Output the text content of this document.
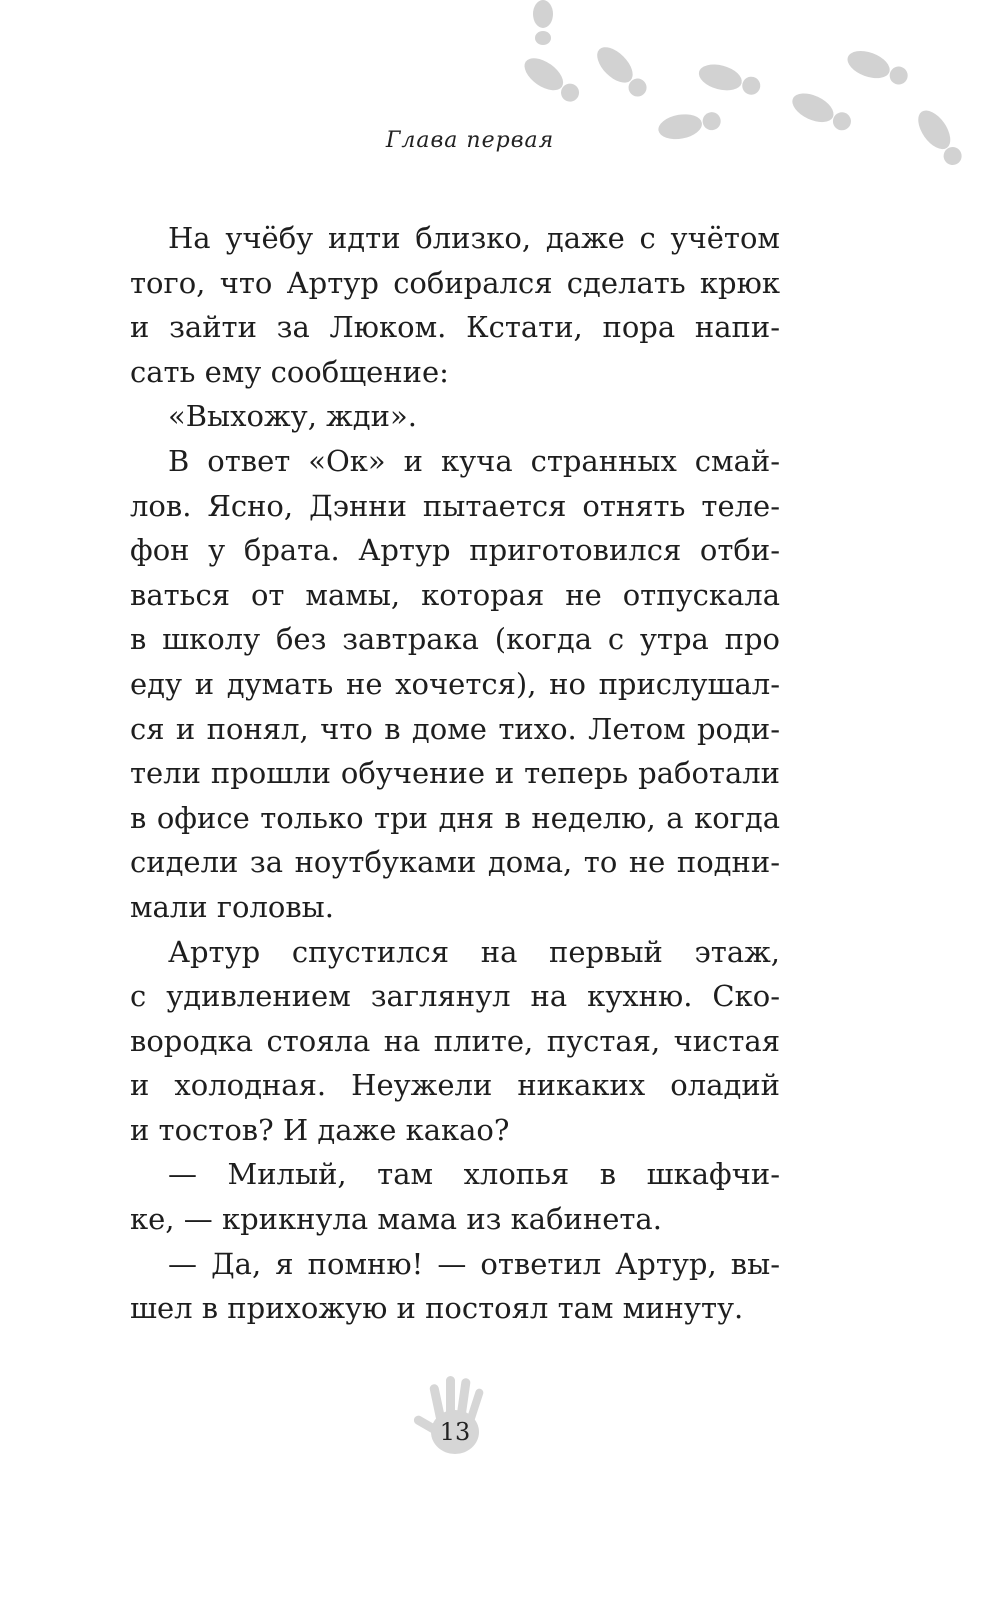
Глава первая

На учёбу идти близко, даже с учётом
того, что Артур собирался сделать крюк
и зайти за Люком. Кстати, пора напи-
сать ему сообщение:

«Выхожу, жди».

В ответ «Ок» и куча странных смай-
лов. Ясно, Дэнни пытается отнять теле-
фон у брата. Артур приготовился отби-
ваться от мамы, которая не отпускала
в школу без завтрака (когда с утра про
еду и думать не хочется), но прислушал-
ся и понял, что в доме тихо. Летом роди-
тели прошли обучение и теперь работали
в офисе только три дня в неделю, а когда
сидели за ноутбуками дома, то не подни-
мали головы.

Артур спустился на первый этаж,
с удивлением заглянул на кухню. Ско-
вородка стояла на плите, пустая, чистая
и холодная. Неужели никаких оладий
и тостов? И даже какао?

— Милый, там хлопья в шкафчи-
ке, — крикнула мама из кабинета.

— Да, я помню! — ответил Артур, вы-
шел в прихожую и постоял там минуту.

13
